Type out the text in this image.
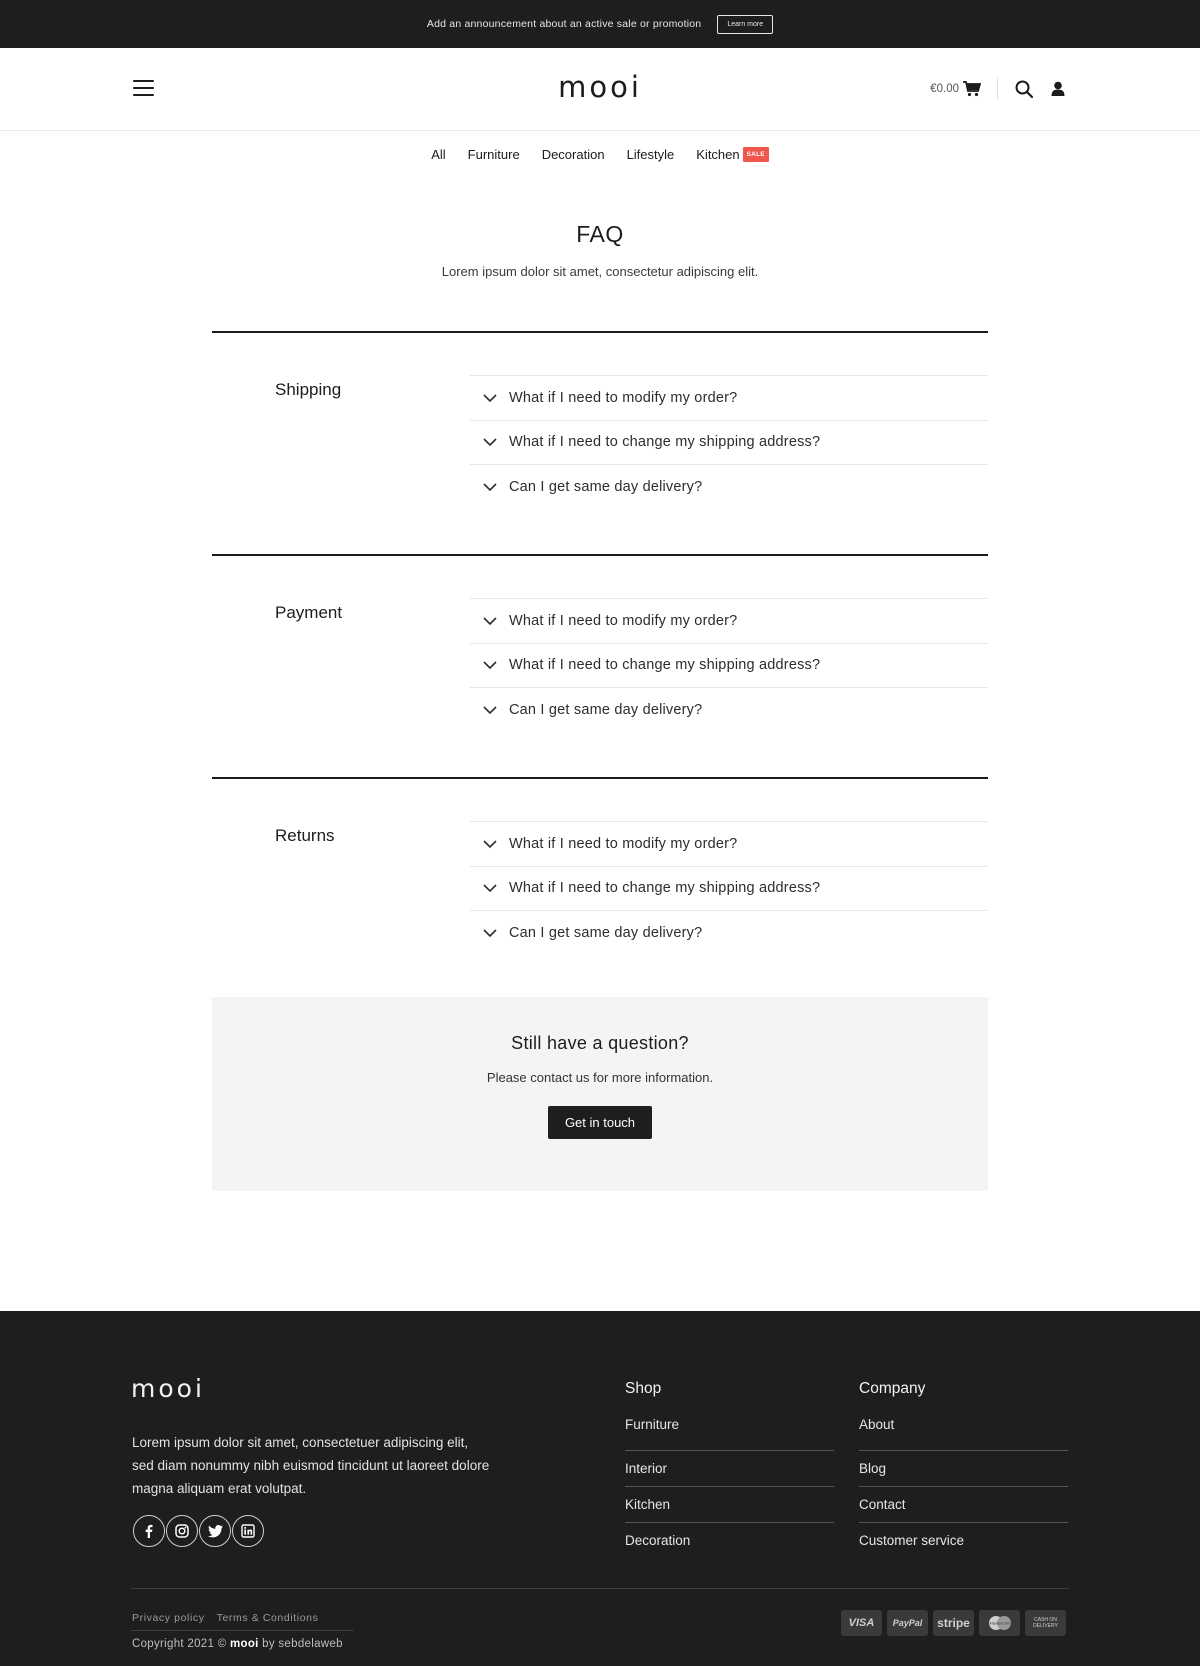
Add an announcement about an active sale or promotion	Learn more
mooi	€0.00
All Furniture Decoration Lifestyle Kitchen	SALE
FAQ

Lorem ipsum dolor sit amet, consectetur adipiscing elit.

Shipping	What if I need to modify my order?
What if I need to change my shipping address?
Can I get same day delivery?
Payment	What if I need to modify my order?
What if I need to change my shipping address?
Can I get same day delivery?
Returns	What if I need to modify my order?
What if I need to change my shipping address?
Can I get same day delivery?
Still have a question?

Please contact us for more information.

Get in touch
mooi

Lorem ipsum dolor sit amet, consectetuer adipiscing elit, sed diam nonummy nibh euismod tincidunt ut laoreet dolore magna aliquam erat volutpat.

Shop
Furniture
Interior
Kitchen
Decoration
Company
About
Blog
Contact
Customer service
Privacy policy Terms & Conditions
Copyright 2021 © mooi by sebdelaweb
VISA	PayPal	stripe	MasterCard	CASH ON DELIVERY
